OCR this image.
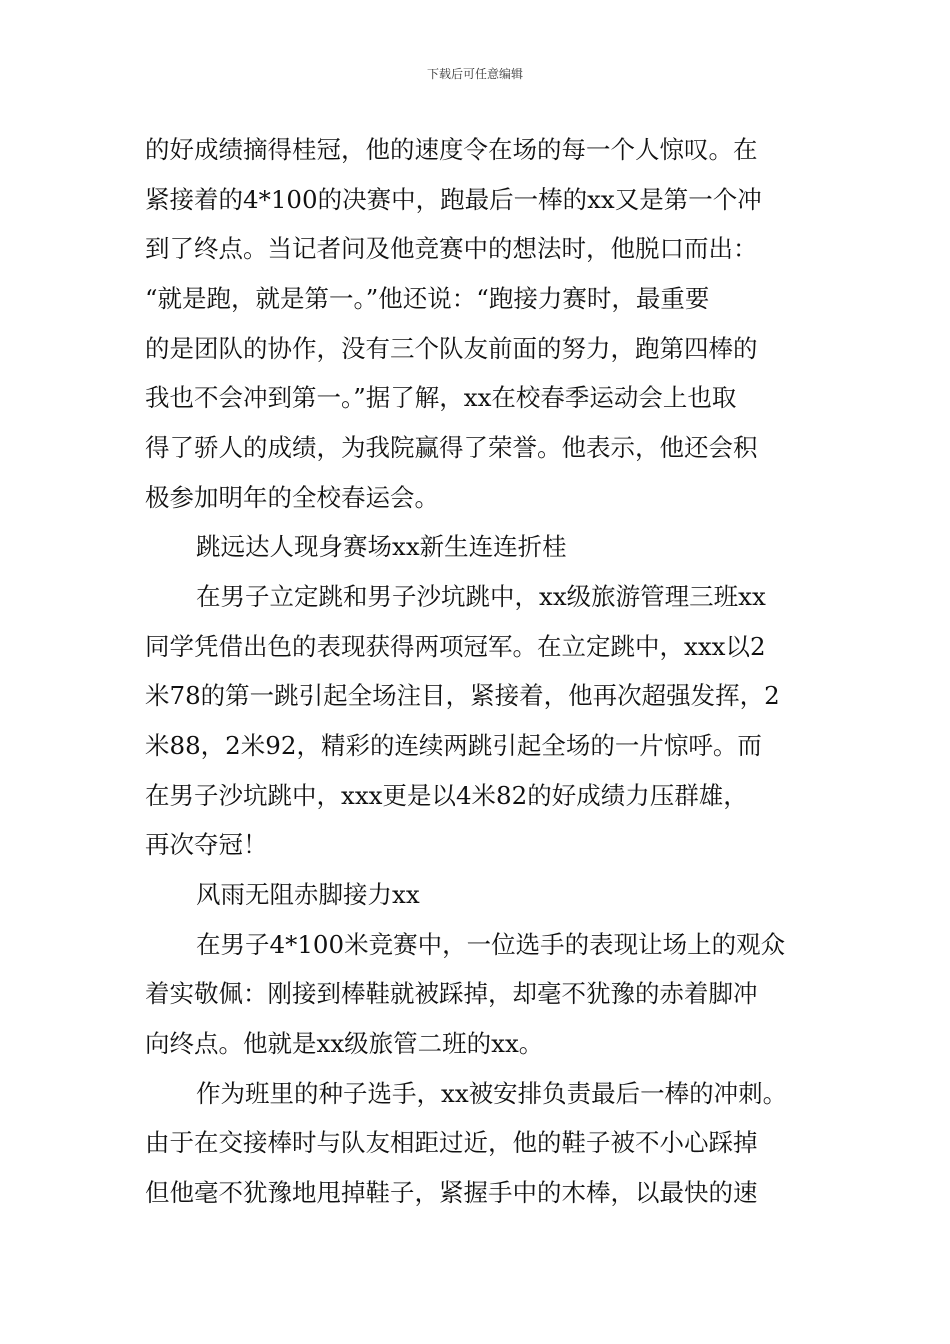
下载后可任意编辑
的好成绩摘得桂冠，他的速度令在场的每一个人惊叹。在
紧接着的4*100的决赛中，跑最后一棒的xx又是第一个冲
到了终点。当记者问及他竞赛中的想法时，他脱口而出：
“就是跑，就是第一。”他还说：“跑接力赛时，最重要
的是团队的协作，没有三个队友前面的努力，跑第四棒的
我也不会冲到第一。”据了解，xx在校春季运动会上也取
得了骄人的成绩，为我院赢得了荣誉。他表示，他还会积
极参加明年的全校春运会。
跳远达人现身赛场xx新生连连折桂
在男子立定跳和男子沙坑跳中，xx级旅游管理三班xx
同学凭借出色的表现获得两项冠军。在立定跳中，xxx以2
米78的第一跳引起全场注目，紧接着，他再次超强发挥，2
米88，2米92，精彩的连续两跳引起全场的一片惊呼。而
在男子沙坑跳中，xxx更是以4米82的好成绩力压群雄，
再次夺冠！
风雨无阻赤脚接力xx
在男子4*100米竞赛中，一位选手的表现让场上的观众
着实敬佩：刚接到棒鞋就被踩掉，却毫不犹豫的赤着脚冲
向终点。他就是xx级旅管二班的xx。
作为班里的种子选手，xx被安排负责最后一棒的冲刺。
由于在交接棒时与队友相距过近，他的鞋子被不小心踩掉
但他毫不犹豫地甩掉鞋子，紧握手中的木棒，以最快的速
